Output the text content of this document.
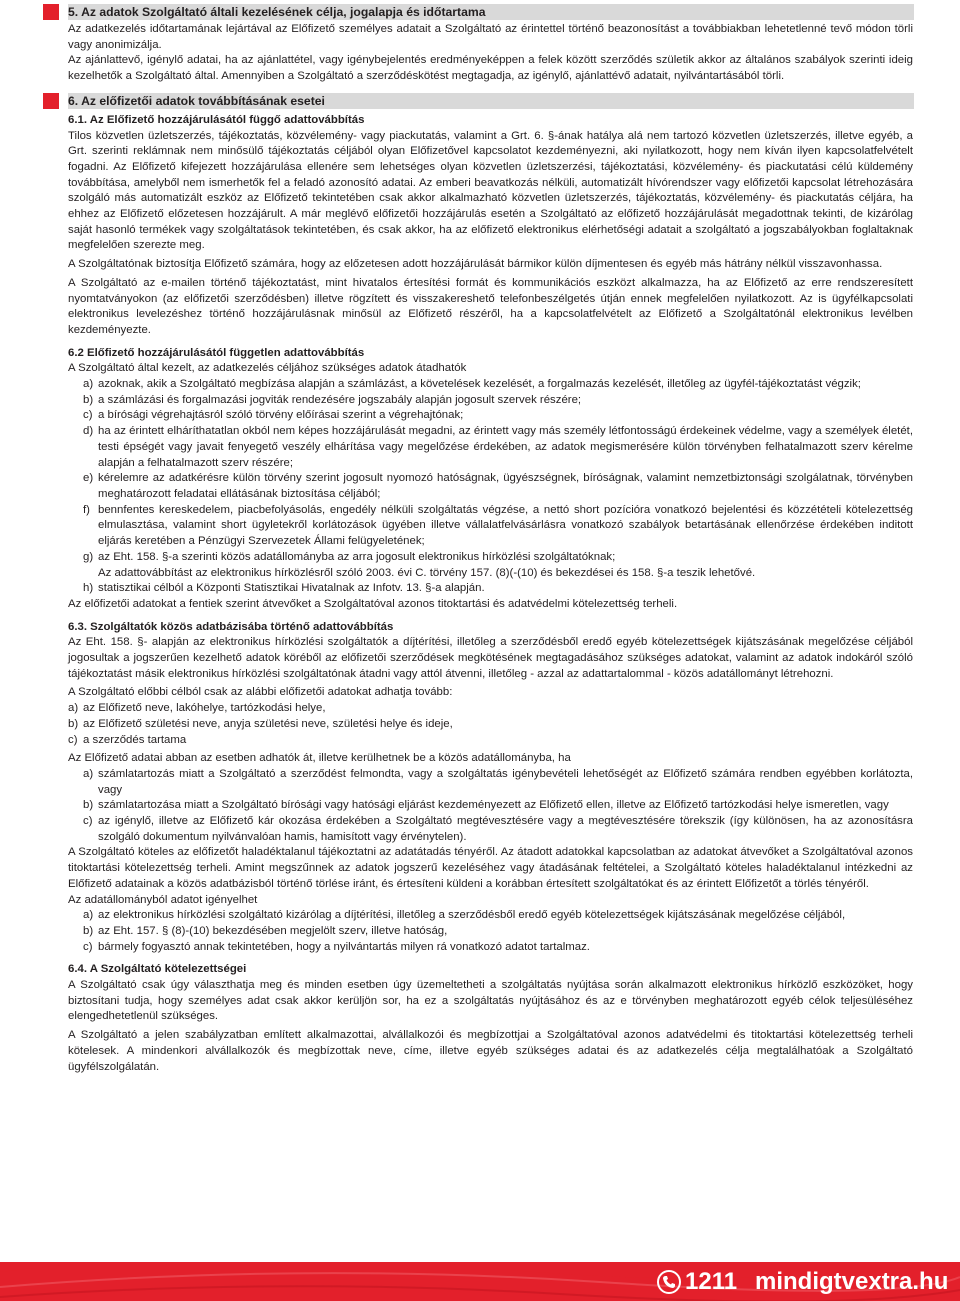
5. Az adatok Szolgáltató általi kezelésének célja, jogalapja és időtartama

Az adatkezelés időtartamának lejártával az Előfizető személyes adatait a Szolgáltató az érintettel történő beazonosítást a továbbiakban lehetetlenné tevő módon törli vagy anonimizálja.

Az ajánlattevő, igénylő adatai, ha az ajánlattétel, vagy igénybejelentés eredményeképpen a felek között szerződés születik akkor az általános szabályok szerinti ideig kezelhetők a Szolgáltató által. Amennyiben a Szolgáltató a szerződéskötést megtagadja, az igénylő, ajánlattévő adatait, nyilvántartásából törli.

6. Az előfizetői adatok továbbításának esetei
6.1. Az Előfizető hozzájárulásától függő adattovábbítás

Tilos közvetlen üzletszerzés, tájékoztatás, közvélemény- vagy piackutatás, valamint a Grt. 6. §-ának hatálya alá nem tartozó közvetlen üzletszerzés, illetve egyéb, a Grt. szerinti reklámnak nem minősülő tájékoztatás céljából olyan Előfizetővel kapcsolatot kezdeményezni, aki nyilatkozott, hogy nem kíván ilyen kapcsolatfelvételt fogadni. Az Előfizető kifejezett hozzájárulása ellenére sem lehetséges olyan közvetlen üzletszerzési, tájékoztatási, közvélemény- és piackutatási célú küldemény továbbítása, amelyből nem ismerhetők fel a feladó azonosító adatai. Az emberi beavatkozás nélküli, automatizált hívórendszer vagy előfizetői kapcsolat létrehozására szolgáló más automatizált eszköz az Előfizető tekintetében csak akkor alkalmazható közvetlen üzletszerzés, tájékoztatás, közvélemény- és piackutatás céljára, ha ehhez az Előfizető előzetesen hozzájárult. A már meglévő előfizetői hozzájárulás esetén a Szolgáltató az előfizető hozzájárulását megadottnak tekinti, de kizárólag saját hasonló termékek vagy szolgáltatások tekintetében, és csak akkor, ha az előfizető elektronikus elérhetőségi adatait a szolgáltató a jogszabályokban foglaltaknak megfelelően szerezte meg.

A Szolgáltatónak biztosítja Előfizető számára, hogy az előzetesen adott hozzájárulását bármikor külön díjmentesen és egyéb más hátrány nélkül visszavonhassa.

A Szolgáltató az e-mailen történő tájékoztatást, mint hivatalos értesítési formát és kommunikációs eszközt alkalmazza, ha az Előfizető az erre rendszeresített nyomtatványokon (az előfizetői szerződésben) illetve rögzített és visszakereshető telefonbeszélgetés útján ennek megfelelően nyilatkozott. Az is ügyfélkapcsolati elektronikus levelezéshez történő hozzájárulásnak minősül az Előfizető részéről, ha a kapcsolatfelvételt az Előfizető a Szolgáltatónál elektronikus levélben kezdeményezte.

6.2 Előfizető hozzájárulásától független adattovábbítás

A Szolgáltató által kezelt, az adatkezelés céljához szükséges adatok átadhatók

a) azoknak, akik a Szolgáltató megbízása alapján a számlázást, a követelések kezelését, a forgalmazás kezelését, illetőleg az ügyfél-tájékoztatást végzik;
b) a számlázási és forgalmazási jogviták rendezésére jogszabály alapján jogosult szervek részére;
c) a bírósági végrehajtásról szóló törvény előírásai szerint a végrehajtónak;
d) ha az érintett elháríthatatlan okból nem képes hozzájárulását megadni, az érintett vagy más személy létfontosságú érdekeinek védelme, vagy a személyek életét, testi épségét vagy javait fenyegető veszély elhárítása vagy megelőzése érdekében, az adatok megismerésére külön törvényben felhatalmazott szerv kérelme alapján a felhatalmazott szerv részére;
e) kérelemre az adatkérésre külön törvény szerint jogosult nyomozó hatóságnak, ügyészségnek, bíróságnak, valamint nemzetbiztonsági szolgálatnak, törvényben meghatározott feladatai ellátásának biztosítása céljából;
f) bennfentes kereskedelem, piacbefolyásolás, engedély nélküli szolgáltatás végzése, a nettó short pozícióra vonatkozó bejelentési és közzétételi kötelezettség elmulasztása, valamint short ügyletekről korlátozások ügyében illetve vállalatfelvásárlásra vonatkozó szabályok betartásának ellenőrzése érdekében inditott eljárás keretében a Pénzügyi Szervezetek Állami felügyeletének;
g) az Eht. 158. §-a szerinti közös adatállományba az arra jogosult elektronikus hírközlési szolgáltatóknak;
Az adattovábbítást az elektronikus hírközlésről szóló 2003. évi C. törvény 157. (8)(-(10) és bekezdései és 158. §-a teszik lehetővé.
h) statisztikai célból a Központi Statisztikai Hivatalnak az Infotv. 13. §-a alapján.

Az előfizetői adatokat a fentiek szerint átvevőket a Szolgáltatóval azonos titoktartási és adatvédelmi kötelezettség terheli.

6.3. Szolgáltatók közös adatbázisába történő adattovábbítás

Az Eht. 158. §- alapján az elektronikus hírközlési szolgáltatók a díjtérítési, illetőleg a szerződésből eredő egyéb kötelezettségek kijátszásának megelőzése céljából jogosultak a jogszerűen kezelhető adatok köréből az előfizetői szerződések megkötésének megtagadásához szükséges adatokat, valamint az adatok indokáról szóló tájékoztatást másik elektronikus hírközlési szolgáltatónak átadni vagy attól átvenni, illetőleg - azzal az adattartalommal - közös adatállományt létrehozni.

A Szolgáltató előbbi célból csak az alábbi előfizetői adatokat adhatja tovább:

a) az Előfizető neve, lakóhelye, tartózkodási helye,
b) az Előfizető születési neve, anyja születési neve, születési helye és ideje,
c) a szerződés tartama

Az Előfizető adatai abban az esetben adhatók át, illetve kerülhetnek be a közös adatállományba, ha

a) számlatartozás miatt a Szolgáltató a szerződést felmondta, vagy a szolgáltatás igénybevételi lehetőségét az Előfizető számára rendben egyébben korlátozta, vagy
b) számlatartozása miatt a Szolgáltató bírósági vagy hatósági eljárást kezdeményezett az Előfizető ellen, illetve az Előfizető tartózkodási helye ismeretlen, vagy
c) az igénylő, illetve az Előfizető kár okozása érdekében a Szolgáltató megtévesztésére vagy a megtévesztésére törekszik (így különösen, ha az azonosításra szolgáló dokumentum nyilvánvalóan hamis, hamisított vagy érvénytelen).

A Szolgáltató köteles az előfizetőt haladéktalanul tájékoztatni az adatátadás tényéről. Az átadott adatokkal kapcsolatban az adatokat átvevőket a Szolgáltatóval azonos titoktartási kötelezettség terheli. Amint megszűnnek az adatok jogszerű kezeléséhez vagy átadásának feltételei, a Szolgáltató köteles haladéktalanul intézkedni az Előfizető adatainak a közös adatbázisból történő törlése iránt, és értesíteni küldeni a korábban értesített szolgáltatókat és az érintett Előfizetőt a törlés tényéről.

Az adatállományból adatot igényelhet

a) az elektronikus hírközlési szolgáltató kizárólag a díjtérítési, illetőleg a szerződésből eredő egyéb kötelezettségek kijátszásának megelőzése céljából,
b) az Eht. 157. § (8)-(10) bekezdésében megjelölt szerv, illetve hatóság,
c) bármely fogyasztó annak tekintetében, hogy a nyilvántartás milyen rá vonatkozó adatot tartalmaz.
6.4. A Szolgáltató kötelezettségei

A Szolgáltató csak úgy választhatja meg és minden esetben úgy üzemeltetheti a szolgáltatás nyújtása során alkalmazott elektronikus hírközlő eszközöket, hogy biztosítani tudja, hogy személyes adat csak akkor kerüljön sor, ha ez a szolgáltatás nyújtásához és az e törvényben meghatározott egyéb célok teljesüléséhez elengedhetetlenül szükséges.

A Szolgáltató a jelen szabályzatban említett alkalmazottai, alvállalkozói és megbízottjai a Szolgáltatóval azonos adatvédelmi és titoktartási kötelezettség terheli kötelesek. A mindenkori alvállalkozók és megbízottak neve, címe, illetve egyéb szükséges adatai és az adatkezelés célja megtalálhatóak a Szolgáltató ügyfélszolgálatán.

1211 mindigtvextra.hu
